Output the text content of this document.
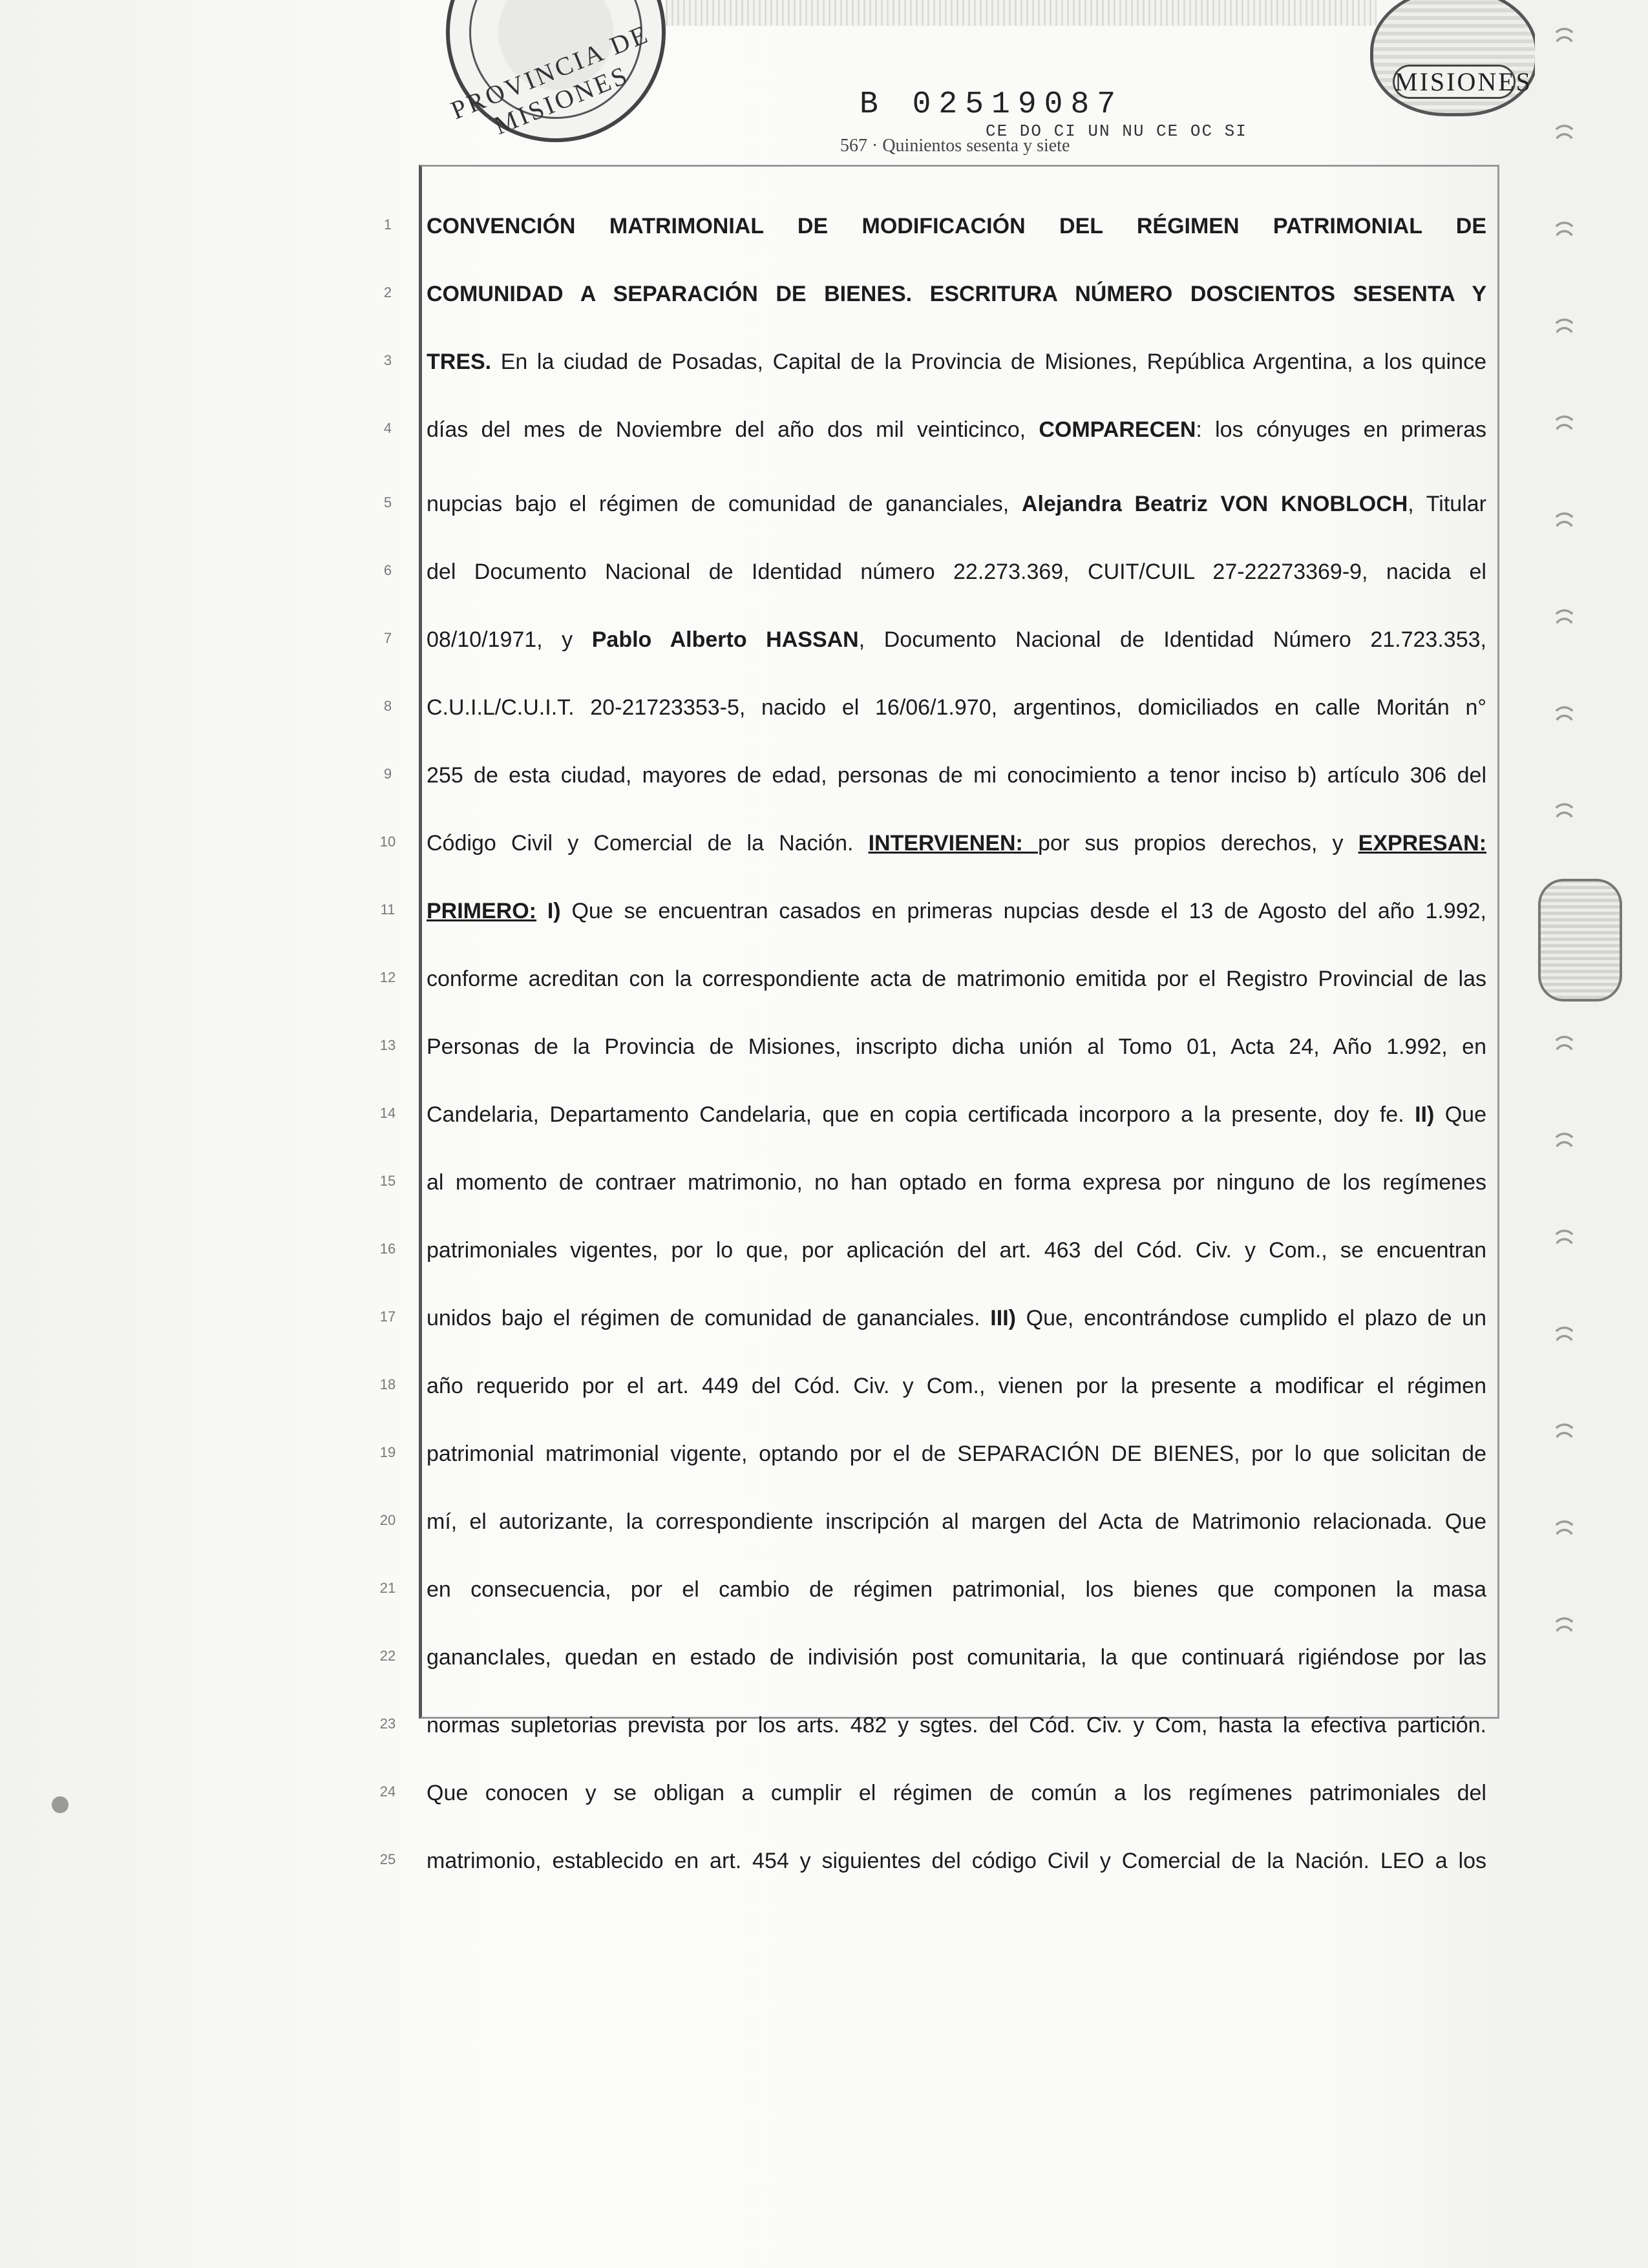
PROVINCIA DE MISIONES	MISIONES
B 02519087
CE DO CI UN NU CE OC SI
567 · Quinientos sesenta y siete
1
2
3
4
5
6
7
8
9
10
11
12
13
14
15
16
17
18
19
20
21
22
23
24
25
CONVENCIÓN MATRIMONIAL DE MODIFICACIÓN DEL RÉGIMEN PATRIMONIAL DE
COMUNIDAD A SEPARACIÓN DE BIENES. ESCRITURA NÚMERO DOSCIENTOS SESENTA Y
TRES. En la ciudad de Posadas, Capital de la Provincia de Misiones, República Argentina, a los quince
días del mes de Noviembre del año dos mil veinticinco, COMPARECEN: los cónyuges en primeras
nupcias bajo el régimen de comunidad de gananciales, Alejandra Beatriz VON KNOBLOCH, Titular
del Documento Nacional de Identidad número 22.273.369, CUIT/CUIL 27-22273369-9, nacida el
08/10/1971, y Pablo Alberto HASSAN, Documento Nacional de Identidad Número 21.723.353,
C.U.I.L/C.U.I.T. 20-21723353-5, nacido el 16/06/1.970, argentinos, domiciliados en calle Moritán n°
255 de esta ciudad, mayores de edad, personas de mi conocimiento a tenor inciso b) artículo 306 del
Código Civil y Comercial de la Nación. INTERVIENEN: por sus propios derechos, y EXPRESAN:
PRIMERO: I) Que se encuentran casados en primeras nupcias desde el 13 de Agosto del año 1.992,
conforme acreditan con la correspondiente acta de matrimonio emitida por el Registro Provincial de las
Personas de la Provincia de Misiones, inscripto dicha unión al Tomo 01, Acta 24, Año 1.992, en
Candelaria, Departamento Candelaria, que en copia certificada incorporo a la presente, doy fe. II) Que
al momento de contraer matrimonio, no han optado en forma expresa por ninguno de los regímenes
patrimoniales vigentes, por lo que, por aplicación del art. 463 del Cód. Civ. y Com., se encuentran
unidos bajo el régimen de comunidad de gananciales. III) Que, encontrándose cumplido el plazo de un
año requerido por el art. 449 del Cód. Civ. y Com., vienen por la presente a modificar el régimen
patrimonial matrimonial vigente, optando por el de SEPARACIÓN DE BIENES, por lo que solicitan de
mí, el autorizante, la correspondiente inscripción al margen del Acta de Matrimonio relacionada. Que
en consecuencia, por el cambio de régimen patrimonial, los bienes que componen la masa
ganancIales, quedan en estado de indivisión post comunitaria, la que continuará rigiéndose por las
normas supletorias prevista por los arts. 482 y sgtes. del Cód. Civ. y Com, hasta la efectiva partición.
Que conocen y se obligan a cumplir el régimen de común a los regímenes patrimoniales del
matrimonio, establecido en art. 454 y siguientes del código Civil y Comercial de la Nación. LEO a los
